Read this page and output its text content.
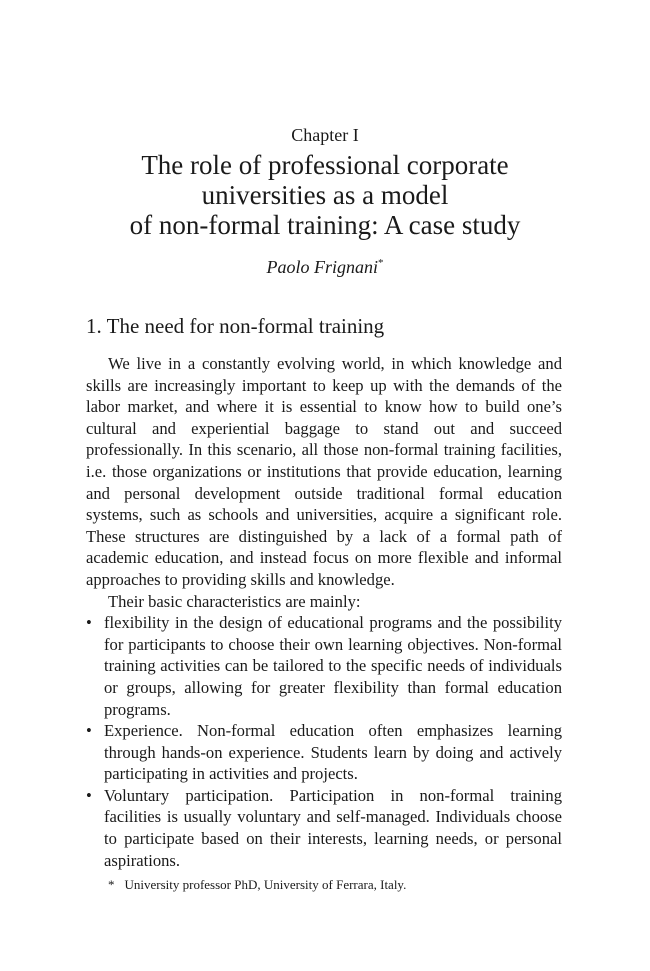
Chapter I
The role of professional corporate
universities as a model
of non-formal training: A case study
Paolo Frignani*
1. The need for non-formal training

We live in a constantly evolving world, in which knowledge and skills are increasingly important to keep up with the demands of the labor market, and where it is essential to know how to build one’s cultural and experiential baggage to stand out and succeed professionally. In this scenario, all those non-formal training facilities, i.e. those organizations or institutions that provide education, learning and personal development outside traditional formal education systems, such as schools and universities, acquire a significant role. These structures are distinguished by a lack of a formal path of academic education, and instead focus on more flexible and informal approaches to providing skills and knowledge.

Their basic characteristics are mainly:

• flexibility in the design of educational programs and the possibility for participants to choose their own learning objectives. Non-formal training activities can be tailored to the specific needs of individuals or groups, allowing for greater flexibility than formal education programs.
• Experience. Non-formal education often emphasizes learning through hands-on experience. Students learn by doing and actively participating in activities and projects.
• Voluntary participation. Participation in non-formal training facilities is usually voluntary and self-managed. Individuals choose to participate based on their interests, learning needs, or personal aspirations.
* University professor PhD, University of Ferrara, Italy.
